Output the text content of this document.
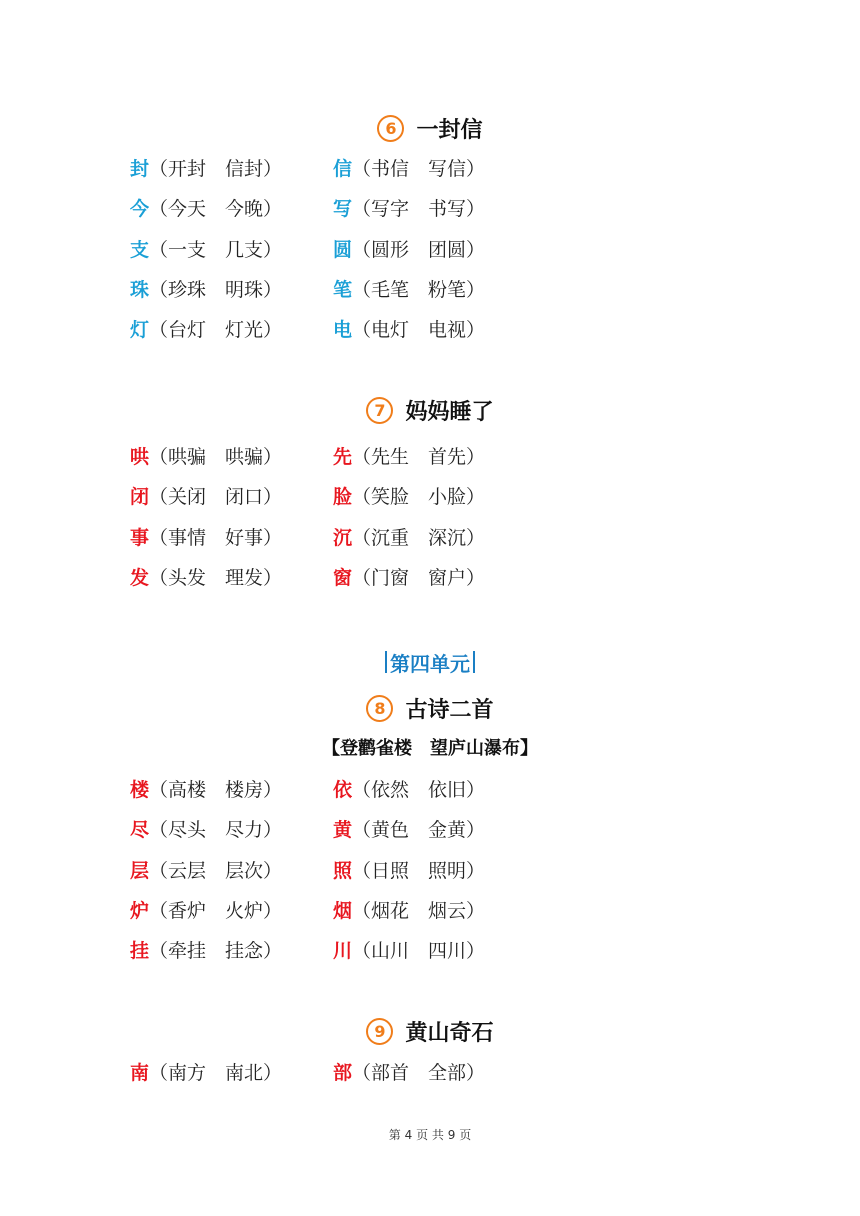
6 一封信
封（开封　信封）	信（书信　写信）
今（今天　今晚）	写（写字　书写）
支（一支　几支）	圆（圆形　团圆）
珠（珍珠　明珠）	笔（毛笔　粉笔）
灯（台灯　灯光）	电（电灯　电视）
7 妈妈睡了
哄（哄骗　哄骗）	先（先生　首先）
闭（关闭　闭口）	脸（笑脸　小脸）
事（事情　好事）	沉（沉重　深沉）
发（头发　理发）	窗（门窗　窗户）
第四单元
8 古诗二首
【登鹳雀楼　望庐山瀑布】
楼（高楼　楼房）	依（依然　依旧）
尽（尽头　尽力）	黄（黄色　金黄）
层（云层　层次）	照（日照　照明）
炉（香炉　火炉）	烟（烟花　烟云）
挂（牵挂　挂念）	川（山川　四川）
9 黄山奇石
南（南方　南北）	部（部首　全部）
第 4 页 共 9 页
